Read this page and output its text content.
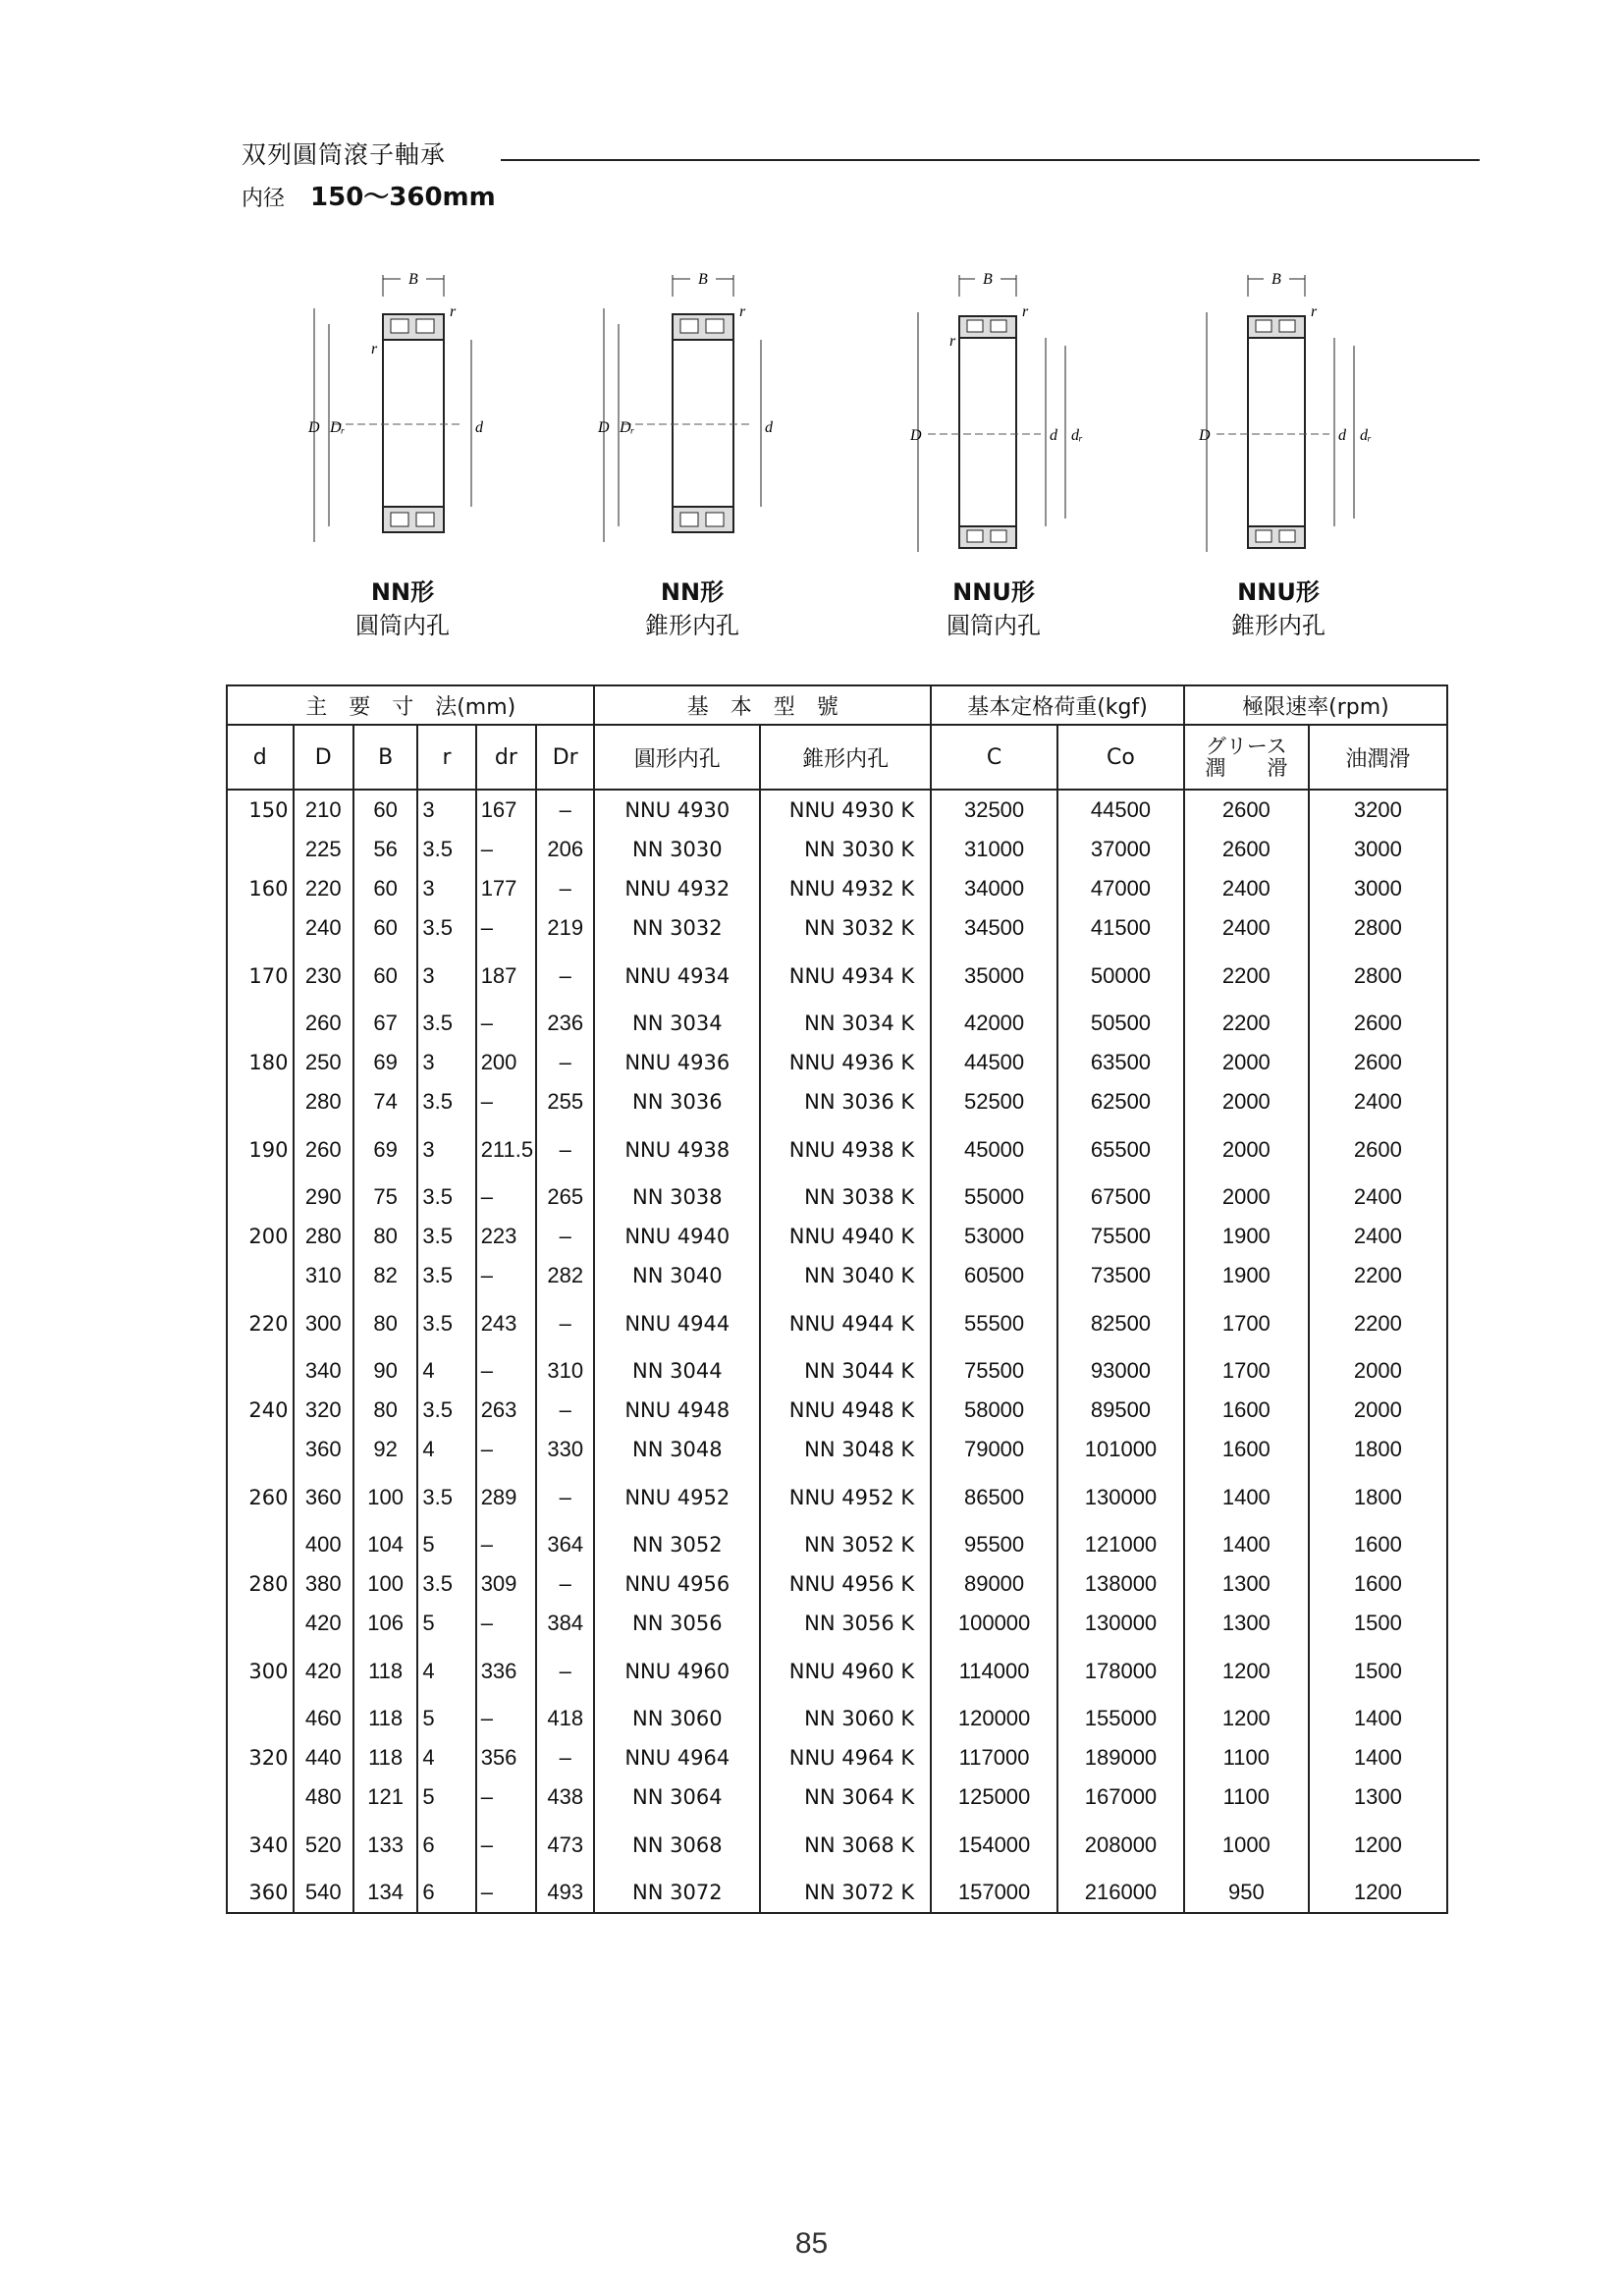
双列圓筒滾子軸承
内径 150～360mm
B
r
r
D Dᵣ	d
NN形
圓筒内孔
B
r
D Dᵣ	d
NN形
錐形内孔
B
r
r
D	d dᵣ
NNU形
圓筒内孔
B
r
D	d dᵣ
NNU形
錐形内孔
主　要　寸　法(mm)						基　本　型　號		基本定格荷重(kgf)		極限速率(rpm)	
d	D	B	r	dr	Dr	圓形内孔	錐形内孔	C	Co	グリース
潤　　滑	油潤滑
150	210	60	3	167	–	NNU 4930	NNU 4930 K	32500	44500	2600	3200
	225	56	3.5	–	206	NN 3030	NN 3030 K	31000	37000	2600	3000
160	220	60	3	177	–	NNU 4932	NNU 4932 K	34000	47000	2400	3000
	240	60	3.5	–	219	NN 3032	NN 3032 K	34500	41500	2400	2800
170	230	60	3	187	–	NNU 4934	NNU 4934 K	35000	50000	2200	2800
	260	67	3.5	–	236	NN 3034	NN 3034 K	42000	50500	2200	2600
180	250	69	3	200	–	NNU 4936	NNU 4936 K	44500	63500	2000	2600
	280	74	3.5	–	255	NN 3036	NN 3036 K	52500	62500	2000	2400
190	260	69	3	211.5	–	NNU 4938	NNU 4938 K	45000	65500	2000	2600
	290	75	3.5	–	265	NN 3038	NN 3038 K	55000	67500	2000	2400
200	280	80	3.5	223	–	NNU 4940	NNU 4940 K	53000	75500	1900	2400
	310	82	3.5	–	282	NN 3040	NN 3040 K	60500	73500	1900	2200
220	300	80	3.5	243	–	NNU 4944	NNU 4944 K	55500	82500	1700	2200
	340	90	4	–	310	NN 3044	NN 3044 K	75500	93000	1700	2000
240	320	80	3.5	263	–	NNU 4948	NNU 4948 K	58000	89500	1600	2000
	360	92	4	–	330	NN 3048	NN 3048 K	79000	101000	1600	1800
260	360	100	3.5	289	–	NNU 4952	NNU 4952 K	86500	130000	1400	1800
	400	104	5	–	364	NN 3052	NN 3052 K	95500	121000	1400	1600
280	380	100	3.5	309	–	NNU 4956	NNU 4956 K	89000	138000	1300	1600
	420	106	5	–	384	NN 3056	NN 3056 K	100000	130000	1300	1500
300	420	118	4	336	–	NNU 4960	NNU 4960 K	114000	178000	1200	1500
	460	118	5	–	418	NN 3060	NN 3060 K	120000	155000	1200	1400
320	440	118	4	356	–	NNU 4964	NNU 4964 K	117000	189000	1100	1400
	480	121	5	–	438	NN 3064	NN 3064 K	125000	167000	1100	1300
340	520	133	6	–	473	NN 3068	NN 3068 K	154000	208000	1000	1200
360	540	134	6	–	493	NN 3072	NN 3072 K	157000	216000	950	1200
85
